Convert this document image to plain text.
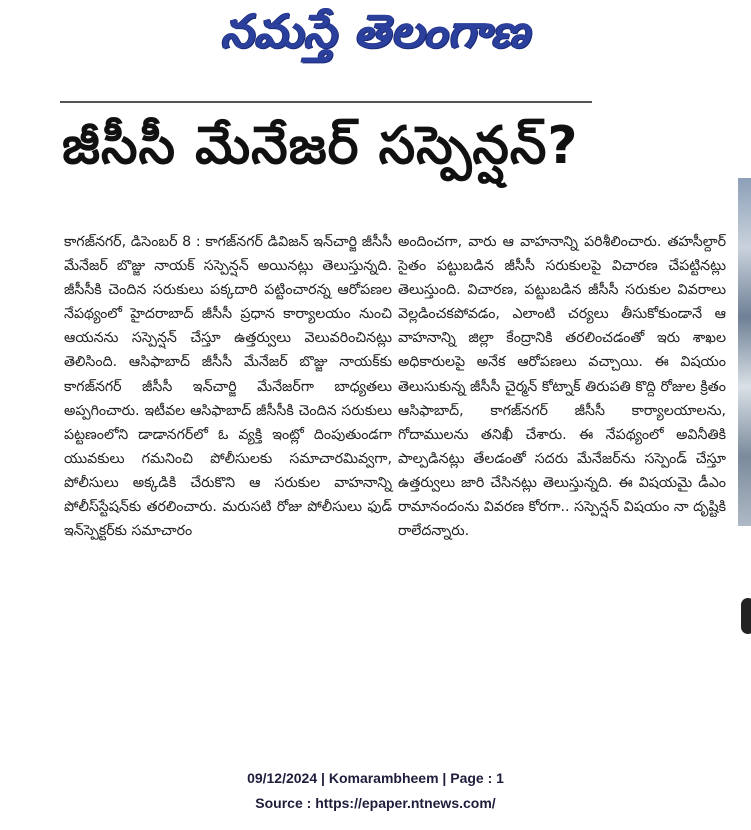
నమస్తే తెలంగాణ
జీసీసీ మేనేజర్ సస్పెన్షన్?

కాగజ్‌నగర్, డిసెంబర్ 8 : కాగజ్‌నగర్ డివిజన్ ఇన్‌చార్జి జీసీసీ మేనేజర్ బొజ్జు నాయక్ సస్పెన్షన్ అయినట్లు తెలుస్తున్నది. జీసీసీకి చెందిన సరుకులు పక్కదారి పట్టించారన్న ఆరోపణల నేపథ్యంలో హైదరాబాద్ జీసీసీ ప్రధాన కార్యాలయం నుంచి ఆయనను సస్పెన్షన్ చేస్తూ ఉత్తర్వులు వెలువరించినట్లు తెలిసింది. ఆసిఫాబాద్ జీసీసీ మేనేజర్ బొజ్జు నాయక్‌కు కాగజ్‌నగర్ జీసీసీ ఇన్‌చార్జి మేనేజర్‌గా బాధ్యతలు అప్పగించారు. ఇటీవల ఆసిఫాబాద్ జీసీసీకి చెందిన సరుకులు పట్టణంలోని డాడానగర్‌లో ఓ వ్యక్తి ఇంట్లో దింపుతుండగా యువకులు గమనించి పోలీసులకు సమాచారమివ్వగా, పోలీసులు అక్కడికి చేరుకొని ఆ సరుకుల వాహనాన్ని పోలీస్‌స్టేషన్‌కు తరలించారు. మరుసటి రోజు పోలీసులు ఫుడ్ ఇన్‌స్పెక్టర్‌కు సమాచారం

అందించగా, వారు ఆ వాహనాన్ని పరిశీలించారు. తహసీల్దార్ సైతం పట్టుబడిన జీసీసీ సరుకులపై విచారణ చేపట్టినట్లు తెలుస్తుంది. విచారణ, పట్టుబడిన జీసీసీ సరుకుల వివరాలు వెల్లడించకపోవడం, ఎలాంటి చర్యలు తీసుకోకుండానే ఆ వాహనాన్ని జిల్లా కేంద్రానికి తరలించడంతో ఇరు శాఖల అధికారులపై అనేక ఆరోపణలు వచ్చాయి. ఈ విషయం తెలుసుకున్న జీసీసీ చైర్మన్ కోట్నాక్ తిరుపతి కొద్ది రోజుల క్రితం ఆసిఫాబాద్, కాగజ్‌నగర్ జీసీసీ కార్యాలయాలను, గోదాములను తనిఖీ చేశారు. ఈ నేపథ్యంలో అవినీతికి పాల్పడినట్లు తేలడంతో సదరు మేనేజర్‌ను సస్పెండ్ చేస్తూ ఉత్తర్వులు జారి చేసినట్లు తెలుస్తున్నది. ఈ విషయమై డీఎం రామానందంను వివరణ కోరగా.. సస్పెన్షన్ విషయం నా దృష్టికి రాలేదన్నారు.

09/12/2024 | Komarambheem | Page : 1
Source : https://epaper.ntnews.com/
